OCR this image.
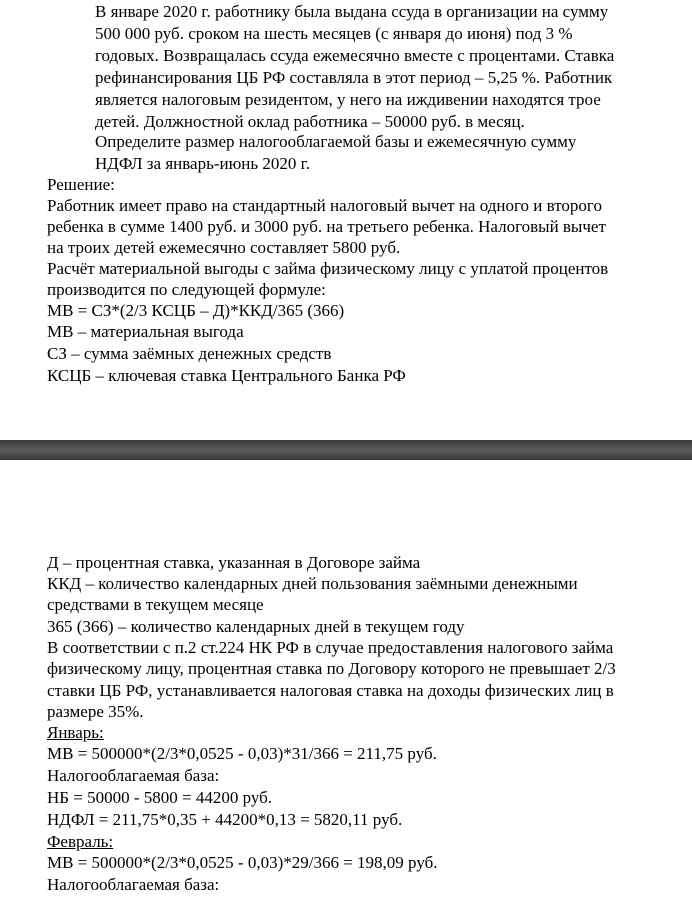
В январе 2020 г. работнику была выдана ссуда в организации на сумму

500 000 руб. сроком на шесть месяцев (с января до июня) под 3 %

годовых. Возвращалась ссуда ежемесячно вместе с процентами. Ставка

рефинансирования ЦБ РФ составляла в этот период – 5,25 %. Работник

является налоговым резидентом, у него на иждивении находятся трое

детей. Должностной оклад работника – 50000 руб. в месяц.

Определите размер налогооблагаемой базы и ежемесячную сумму

НДФЛ за январь-июнь 2020 г.

Решение:

Работник имеет право на стандартный налоговый вычет на одного и второго

ребенка в сумме 1400 руб. и 3000 руб. на третьего ребенка. Налоговый вычет

на троих детей ежемесячно составляет 5800 руб.

Расчёт материальной выгоды с займа физическому лицу с уплатой процентов

производится по следующей формуле:

МВ = СЗ*(2/3 КСЦБ – Д)*ККД/365 (366)

МВ – материальная выгода

СЗ – сумма заёмных денежных средств

КСЦБ – ключевая ставка Центрального Банка РФ

Д – процентная ставка, указанная в Договоре займа

ККД – количество календарных дней пользования заёмными денежными

средствами в текущем месяце

365 (366) – количество календарных дней в текущем году

В соответствии с п.2 ст.224 НК РФ в случае предоставления налогового займа

физическому лицу, процентная ставка по Договору которого не превышает 2/3

ставки ЦБ РФ, устанавливается налоговая ставка на доходы физических лиц в

размере 35%.

Январь:

МВ = 500000*(2/3*0,0525 - 0,03)*31/366 = 211,75 руб.

Налогооблагаемая база:

НБ = 50000 - 5800 = 44200 руб.

НДФЛ = 211,75*0,35 + 44200*0,13 = 5820,11 руб.

Февраль:

МВ = 500000*(2/3*0,0525 - 0,03)*29/366 = 198,09 руб.

Налогооблагаемая база:
